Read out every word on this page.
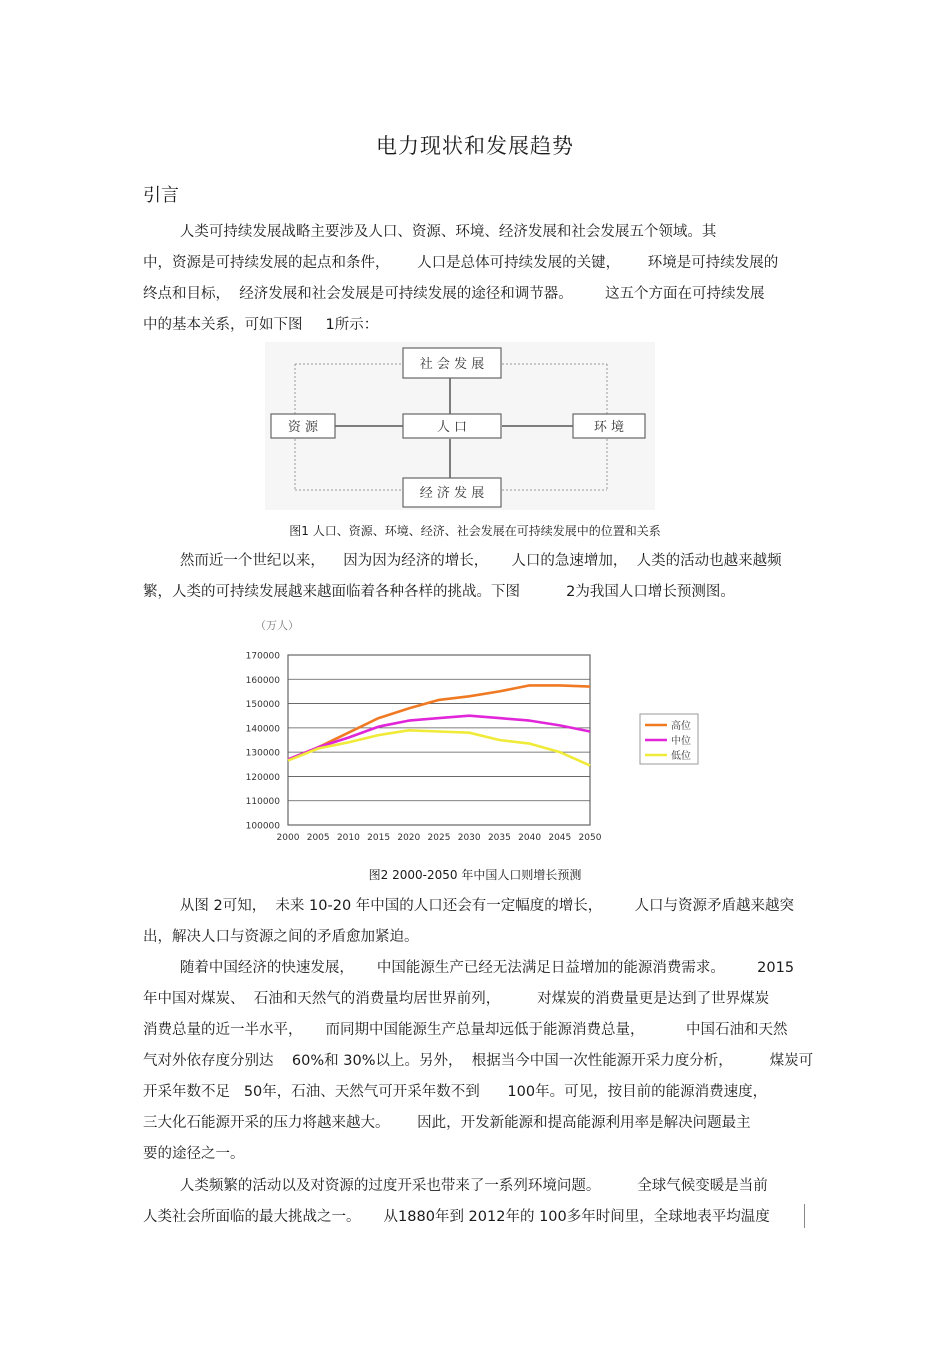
电力现状和发展趋势
引言
人类可持续发展战略主要涉及人口、资源、环境、经济发展和社会发展五个领域。其
中，资源是可持续发展的起点和条件，      人口是总体可持续发展的关键，      环境是可持续发展的
终点和目标，  经济发展和社会发展是可持续发展的途径和调节器。       这五个方面在可持续发展
中的基本关系，可如下图     1所示：
社 会 发 展
资 源	人 口	环 境
经 济 发 展
图1 人口、资源、环境、经济、社会发展在可持续发展中的位置和关系
然而近一个世纪以来，    因为因为经济的增长，     人口的急速增加，  人类的活动也越来越频
繁，人类的可持续发展越来越面临着各种各样的挑战。下图          2为我国人口增长预测图。
（万人）
100000
110000
120000
130000
140000
150000
160000
170000
2000 2005 2010 2015 2020 2025 2030 2035 2040 2045 2050
高位
中位
低位
图2 2000-2050 年中国人口则增长预测
从图 2可知，  未来 10-20 年中国的人口还会有一定幅度的增长，       人口与资源矛盾越来越突
出，解决人口与资源之间的矛盾愈加紧迫。
随着中国经济的快速发展，     中国能源生产已经无法满足日益增加的能源消费需求。       2015
年中国对煤炭、  石油和天然气的消费量均居世界前列，        对煤炭的消费量更是达到了世界煤炭
消费总量的近一半水平，     而同期中国能源生产总量却远低于能源消费总量，         中国石油和天然
气对外依存度分别达    60%和 30%以上。另外，  根据当今中国一次性能源开采力度分析，        煤炭可
开采年数不足   50年，石油、天然气可开采年数不到      100年。可见，按目前的能源消费速度，
三大化石能源开采的压力将越来越大。      因此，开发新能源和提高能源利用率是解决问题最主
要的途径之一。
人类频繁的活动以及对资源的过度开采也带来了一系列环境问题。        全球气候变暖是当前
人类社会所面临的最大挑战之一。     从1880年到 2012年的 100多年时间里，全球地表平均温度
